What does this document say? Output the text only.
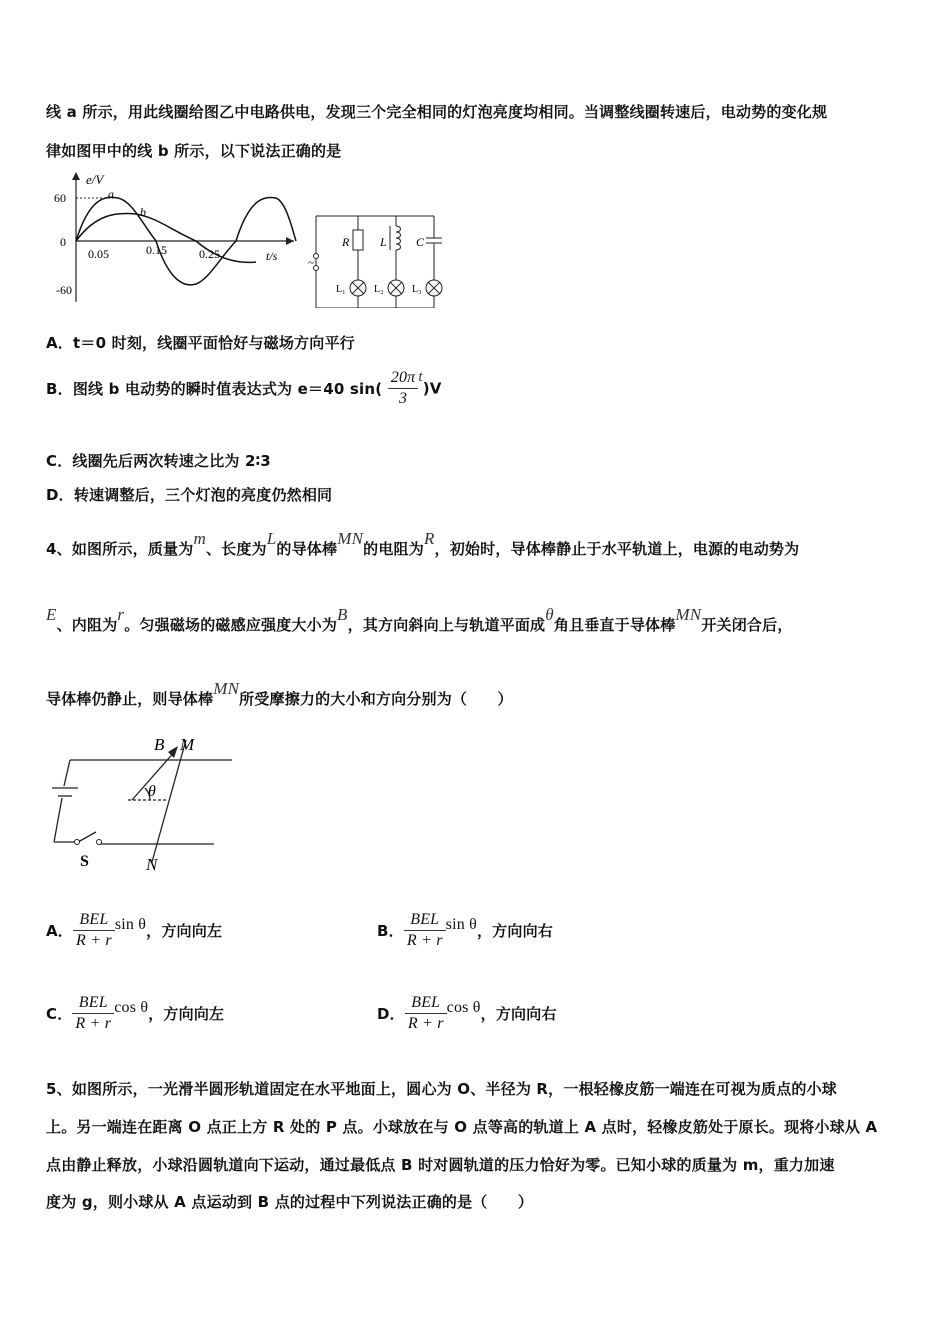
线 a 所示，用此线圈给图乙中电路供电，发现三个完全相同的灯泡亮度均相同。当调整线圈转速后，电动势的变化规
律如图甲中的线 b 所示，以下说法正确的是
e/V
t/s
60
0
-60
0.05	0.15	0.25
a
b
~
R	L C
L₁	L₂	L₃
A．t＝0 时刻，线圈平面恰好与磁场方向平行
B．图线 b 电动势的瞬时值表达式为 e＝40 $\sin( \frac{20\pi}{3} t)V$
C．线圈先后两次转速之比为 2∶3
D．转速调整后，三个灯泡的亮度仍然相同
4、如图所示，质量为m、长度为L的导体棒MN的电阻为R，初始时，导体棒静止于水平轨道上，电源的电动势为
E、内阻为r。匀强磁场的磁感应强度大小为B，其方向斜向上与轨道平面成θ角且垂直于导体棒MN开关闭合后，
导体棒仍静止，则导体棒MN所受摩擦力的大小和方向分别为（　　）
B M
N
S
θ
A． $\frac{\text{BEL}}{R + r}$ sin θ，方向向左	B． $\frac{\text{BEL}}{R + r}$ sin θ，方向向右
C． $\frac{\text{BEL}}{R + r}$ cos θ，方向向左	D． $\frac{\text{BEL}}{R + r}$ cos θ，方向向右
5、如图所示，一光滑半圆形轨道固定在水平地面上，圆心为 O、半径为 R，一根轻橡皮筋一端连在可视为质点的小球
上。另一端连在距离 O 点正上方 R 处的 P 点。小球放在与 O 点等高的轨道上 A 点时，轻橡皮筋处于原长。现将小球从 A
点由静止释放，小球沿圆轨道向下运动，通过最低点 B 时对圆轨道的压力恰好为零。已知小球的质量为 m，重力加速
度为 g，则小球从 A 点运动到 B 点的过程中下列说法正确的是（　　）
